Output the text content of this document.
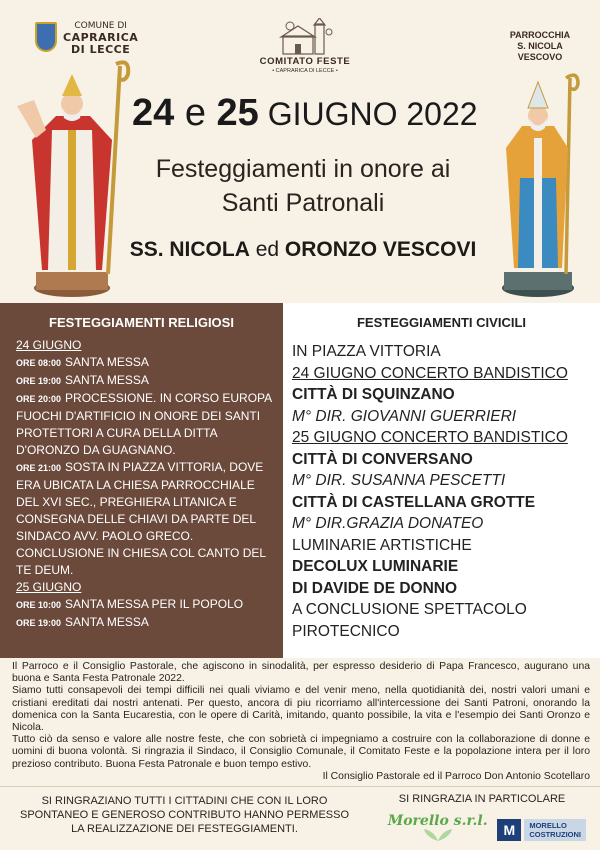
COMUNE DI
CAPRARICA
DI LECCE
COMITATO FESTE
• CAPRARICA DI LECCE •
PARROCCHIA
S. NICOLA
VESCOVO
24 e 25 GIUGNO 2022
Festeggiamenti in onore ai
Santi Patronali
SS. NICOLA ed ORONZO VESCOVI
FESTEGGIAMENTI RELIGIOSI
24 GIUGNO
ORE 08:00 SANTA MESSA
ORE 19:00 SANTA MESSA
ORE 20:00 PROCESSIONE. IN CORSO EUROPA FUOCHI D'ARTIFICIO IN ONORE DEI SANTI PROTETTORI A CURA DELLA DITTA D'ORONZO DA GUAGNANO.
ORE 21:00 SOSTA IN PIAZZA VITTORIA, DOVE ERA UBICATA LA CHIESA PARROCCHIALE DEL XVI SEC., PREGHIERA LITANICA E CONSEGNA DELLE CHIAVI DA PARTE DEL SINDACO AVV. PAOLO GRECO. CONCLUSIONE IN CHIESA COL CANTO DEL TE DEUM.
25 GIUGNO
ORE 10:00 SANTA MESSA PER IL POPOLO
ORE 19:00 SANTA MESSA
FESTEGGIAMENTI CIVICILI
IN PIAZZA VITTORIA
24 GIUGNO CONCERTO BANDISTICO
CITTÀ DI SQUINZANO
M° DIR. GIOVANNI GUERRIERI
25 GIUGNO CONCERTO BANDISTICO
CITTÀ DI CONVERSANO
M° DIR. SUSANNA PESCETTI
CITTÀ DI CASTELLANA GROTTE
M° DIR.GRAZIA DONATEO
LUMINARIE ARTISTICHE
DECOLUX LUMINARIE
DI DAVIDE DE DONNO
A CONCLUSIONE SPETTACOLO
PIROTECNICO

Il Parroco e il Consiglio Pastorale, che agiscono in sinodalità, per espresso desiderio di Papa Francesco, augurano una buona e Santa Festa Patronale 2022.

Siamo tutti consapevoli dei tempi difficili nei quali viviamo e del venir meno, nella quotidianità dei, nostri valori umani e cristiani ereditati dai nostri antenati. Per questo, ancora di piu ricorriamo all'intercessione dei Santi Patroni, onorando la domenica con la Santa Eucarestia, con le opere di Carità, imitando, quanto possibile, la vita e l'esempio dei Santi Oronzo e Nicola.

Tutto ciò da senso e valore alle nostre feste, che con sobrietà ci impegniamo a costruire con la collaborazione di donne e uomini di buona volontà. Si ringrazia il Sindaco, il Consiglio Comunale, il Comitato Feste e la popolazione intera per il loro prezioso contributo. Buona Festa Patronale e buon tempo estivo.

Il Consiglio Pastorale ed il Parroco Don Antonio Scotellaro

SI RINGRAZIANO TUTTI I CITTADINI CHE CON IL LORO SPONTANEO E GENEROSO CONTRIBUTO HANNO PERMESSO LA REALIZZAZIONE DEI FESTEGGIAMENTI.
SI RINGRAZIA IN PARTICOLARE
Morello s.r.l.
M	MORELLO
COSTRUZIONI
